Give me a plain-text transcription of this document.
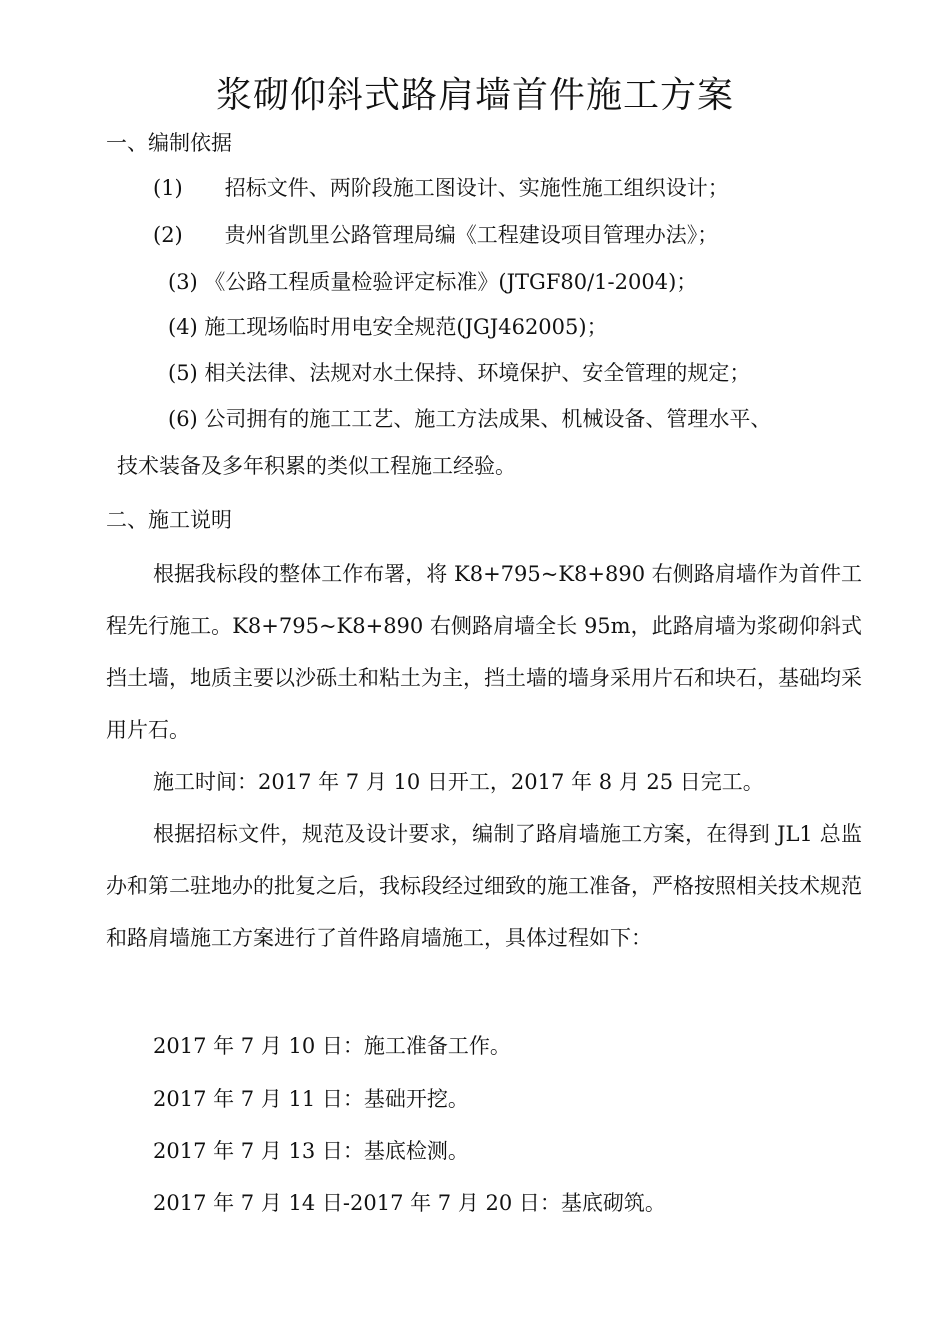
浆砌仰斜式路肩墙首件施工方案
一、编制依据
(1)　　招标文件、两阶段施工图设计、实施性施工组织设计；
(2)　　贵州省凯里公路管理局编《工程建设项目管理办法》；
(3) 《公路工程质量检验评定标准》(JTGF80/1-2004)；
(4) 施工现场临时用电安全规范(JGJ462005)；
(5) 相关法律、法规对水土保持、环境保护、安全管理的规定；
(6) 公司拥有的施工工艺、施工方法成果、机械设备、管理水平、
技术装备及多年积累的类似工程施工经验。
二、施工说明
根据我标段的整体工作布署，将 K8+795~K8+890 右侧路肩墙作为首件工程先行施工。K8+795~K8+890 右侧路肩墙全长 95m，此路肩墙为浆砌仰斜式挡土墙，地质主要以沙砾土和粘土为主，挡土墙的墙身采用片石和块石，基础均采用片石。
施工时间：2017 年 7 月 10 日开工，2017 年 8 月 25 日完工。
根据招标文件，规范及设计要求，编制了路肩墙施工方案，在得到 JL1 总监办和第二驻地办的批复之后，我标段经过细致的施工准备，严格按照相关技术规范和路肩墙施工方案进行了首件路肩墙施工，具体过程如下：
2017 年 7 月 10 日：施工准备工作。
2017 年 7 月 11 日：基础开挖。
2017 年 7 月 13 日：基底检测。
2017 年 7 月 14 日-2017 年 7 月 20 日：基底砌筑。
